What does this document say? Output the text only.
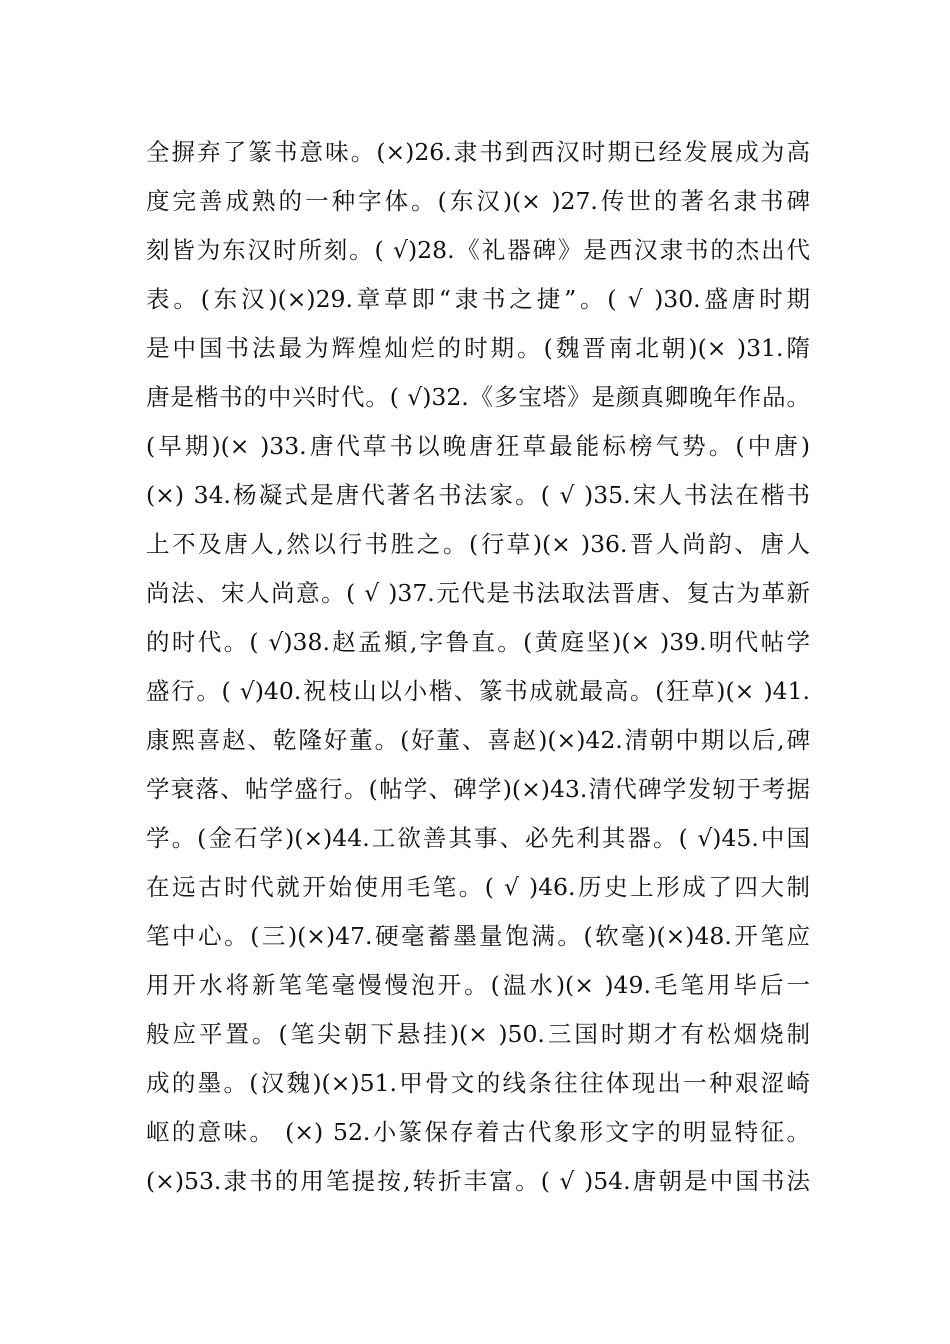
全摒弃了篆书意味。(×)26.隶书到西汉时期已经发展成为高
度完善成熟的一种字体。(东汉)(× )27.传世的著名隶书碑
刻皆为东汉时所刻。( √)28.《礼器碑》是西汉隶书的杰出代
表。(东汉)(×)29.章草即“隶书之捷”。( √ )30.盛唐时期
是中国书法最为辉煌灿烂的时期。(魏晋南北朝)(× )31.隋
唐是楷书的中兴时代。( √)32.《多宝塔》是颜真卿晚年作品。
(早期)(× )33.唐代草书以晚唐狂草最能标榜气势。(中唐)
(×) 34.杨凝式是唐代著名书法家。( √ )35.宋人书法在楷书
上不及唐人,然以行书胜之。(行草)(× )36.晋人尚韵、唐人
尚法、宋人尚意。( √ )37.元代是书法取法晋唐、复古为革新
的时代。( √)38.赵孟頫,字鲁直。(黄庭坚)(× )39.明代帖学
盛行。( √)40.祝枝山以小楷、篆书成就最高。(狂草)(× )41.
康熙喜赵、乾隆好董。(好董、喜赵)(×)42.清朝中期以后,碑
学衰落、帖学盛行。(帖学、碑学)(×)43.清代碑学发轫于考据
学。(金石学)(×)44.工欲善其事、必先利其器。( √)45.中国
在远古时代就开始使用毛笔。( √ )46.历史上形成了四大制
笔中心。(三)(×)47.硬毫蓄墨量饱满。(软毫)(×)48.开笔应
用开水将新笔笔毫慢慢泡开。(温水)(× )49.毛笔用毕后一
般应平置。(笔尖朝下悬挂)(× )50.三国时期才有松烟烧制
成的墨。(汉魏)(×)51.甲骨文的线条往往体现出一种艰涩崎
岖的意味。 (×) 52.小篆保存着古代象形文字的明显特征。
(×)53.隶书的用笔提按,转折丰富。( √ )54.唐朝是中国书法
